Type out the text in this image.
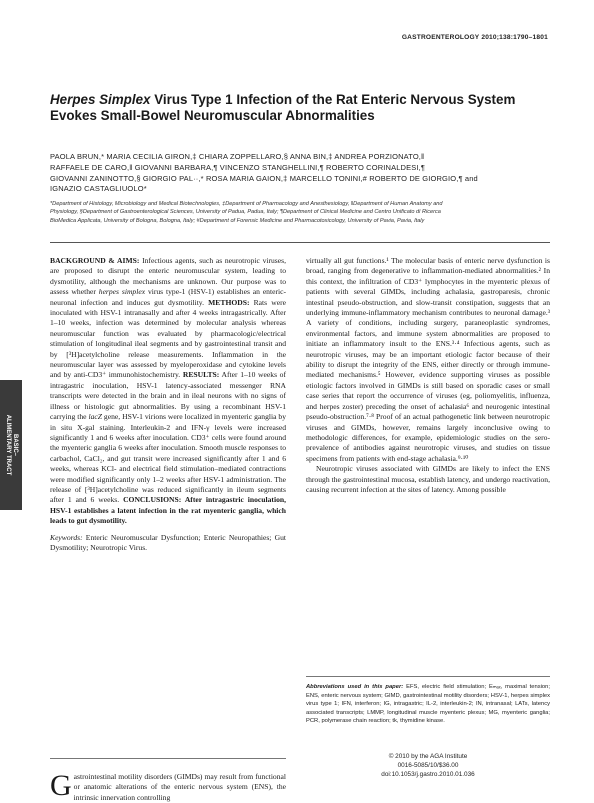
GASTROENTEROLOGY 2010;138:1790–1801
Herpes Simplex Virus Type 1 Infection of the Rat Enteric Nervous System
Evokes Small-Bowel Neuromuscular Abnormalities
PAOLA BRUN,* MARIA CECILIA GIRON,‡ CHIARA ZOPPELLARO,§ ANNA BIN,‡ ANDREA PORZIONATO,‖
RAFFAELE DE CARO,‖ GIOVANNI BARBARA,¶ VINCENZO STANGHELLINI,¶ ROBERTO CORINALDESI,¶
GIOVANNI ZANINOTTO,§ GIORGIO PAL··,* ROSA MARIA GAION,‡ MARCELLO TONINI,# ROBERTO DE GIORGIO,¶ and
IGNAZIO CASTAGLIUOLO*
*Department of Histology, Microbiology and Medical Biotechnologies, ‡Department of Pharmacology and Anesthesiology, ‖Department of Human Anatomy and
Physiology, §Department of Gastroenterological Sciences, University of Padua, Padua, Italy; ¶Department of Clinical Medicine and Centro Unificato di Ricerca
BioMedica Applicata, University of Bologna, Bologna, Italy; #Department of Forensic Medicine and Pharmacotoxicology, University of Pavia, Pavia, Italy
BASIC–
ALIMENTARY TRACT

BACKGROUND & AIMS: Infectious agents, such as neurotropic viruses, are proposed to disrupt the enteric neuromuscular system, leading to dysmotility, although the mechanisms are unknown. Our purpose was to assess whether herpes simplex virus type-1 (HSV-1) establishes an enteric-neuronal infection and induces gut dysmotility. METHODS: Rats were inoculated with HSV-1 intranasally and after 4 weeks intragastrically. After 1–10 weeks, infection was determined by molecular analysis whereas neuromuscular function was evaluated by pharmacologic/electrical stimulation of longitudinal ileal segments and by gastrointestinal transit and by [³H]acetylcholine release measurements. Inflammation in the neuromuscular layer was assessed by myeloperoxidase and cytokine levels and by anti-CD3⁺ immunohistochemistry. RESULTS: After 1–10 weeks of intragastric inoculation, HSV-1 latency-associated messenger RNA transcripts were detected in the brain and in ileal neurons with no signs of illness or histologic gut abnormalities. By using a recombinant HSV-1 carrying the lacZ gene, HSV-1 virions were localized in myenteric ganglia by in situ X-gal staining. Interleukin-2 and IFN-γ levels were increased significantly 1 and 6 weeks after inoculation. CD3⁺ cells were found around the myenteric ganglia 6 weeks after inoculation. Smooth muscle responses to carbachol, CaCl₂, and gut transit were increased significantly after 1 and 6 weeks, whereas KCl- and electrical field stimulation–mediated contractions were modified significantly only 1–2 weeks after HSV-1 administration. The release of [³H]acetylcholine was reduced significantly in ileum segments after 1 and 6 weeks. CONCLUSIONS: After intragastric inoculation, HSV-1 establishes a latent infection in the rat myenteric ganglia, which leads to gut dysmotility.

Keywords: Enteric Neuromuscular Dysfunction; Enteric Neuropathies; Gut Dysmotility; Neurotropic Virus.

Gastrointestinal motility disorders (GIMDs) may result from functional or anatomic alterations of the enteric nervous system (ENS), the intrinsic innervation controlling

virtually all gut functions.¹ The molecular basis of enteric nerve dysfunction is broad, ranging from degenerative to inflammation-mediated abnormalities.² In this context, the infiltration of CD3⁺ lymphocytes in the myenteric plexus of patients with several GIMDs, including achalasia, gastroparesis, chronic intestinal pseudo-obstruction, and slow-transit constipation, suggests that an underlying immune-inflammatory mechanism contributes to neuronal damage.³ A variety of conditions, including surgery, paraneoplastic syndromes, environmental factors, and immune system abnormalities are proposed to initiate an inflammatory insult to the ENS.³·⁴ Infectious agents, such as neurotropic viruses, may be an important etiologic factor because of their ability to disrupt the integrity of the ENS, either directly or through immune-mediated mechanisms.⁵ However, evidence supporting viruses as possible etiologic factors involved in GIMDs is still based on sporadic cases or small case series that report the occurrence of viruses (eg, poliomyelitis, influenza, and herpes zoster) preceding the onset of achalasia⁶ and neurogenic intestinal pseudo-obstruction.⁷·⁸ Proof of an actual pathogenetic link between neurotropic viruses and GIMDs, however, remains largely inconclusive owing to methodologic differences, for example, epidemiologic studies on the sero-prevalence of antibodies against neurotropic viruses, and studies on tissue specimens from patients with end-stage achalasia.⁹·¹⁰

Neurotropic viruses associated with GIMDs are likely to infect the ENS through the gastrointestinal mucosa, establish latency, and undergo reactivation, causing recurrent infection at the sites of latency. Among possible

Abbreviations used in this paper: EFS, electric field stimulation; Eₘₐₓ, maximal tension; ENS, enteric nervous system; GIMD, gastrointestinal motility disorders; HSV-1, herpes simplex virus type 1; IFN, interferon; IG, intragastric; IL-2, interleukin-2; IN, intranasal; LATs, latency associated transcripts; LMMP, longitudinal muscle myenteric plexus; MG, myenteric ganglia; PCR, polymerase chain reaction; tk, thymidine kinase.
© 2010 by the AGA Institute
0016-5085/10/$36.00
doi:10.1053/j.gastro.2010.01.036
